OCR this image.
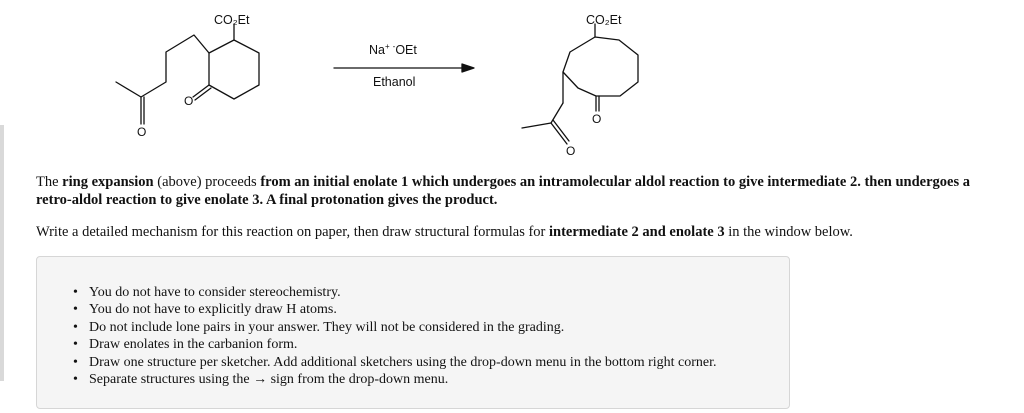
CO₂Et
O
O
Na+ -OEt
Ethanol
CO₂Et
O
O

The ring expansion (above) proceeds from an initial enolate 1 which undergoes an intramolecular aldol reaction to give intermediate 2. then undergoes a retro-aldol reaction to give enolate 3. A final protonation gives the product.

Write a detailed mechanism for this reaction on paper, then draw structural formulas for intermediate 2 and enolate 3 in the window below.

• You do not have to consider stereochemistry.
• You do not have to explicitly draw H atoms.
• Do not include lone pairs in your answer. They will not be considered in the grading.
• Draw enolates in the carbanion form.
• Draw one structure per sketcher. Add additional sketchers using the drop-down menu in the bottom right corner.
• Separate structures using the → sign from the drop-down menu.
